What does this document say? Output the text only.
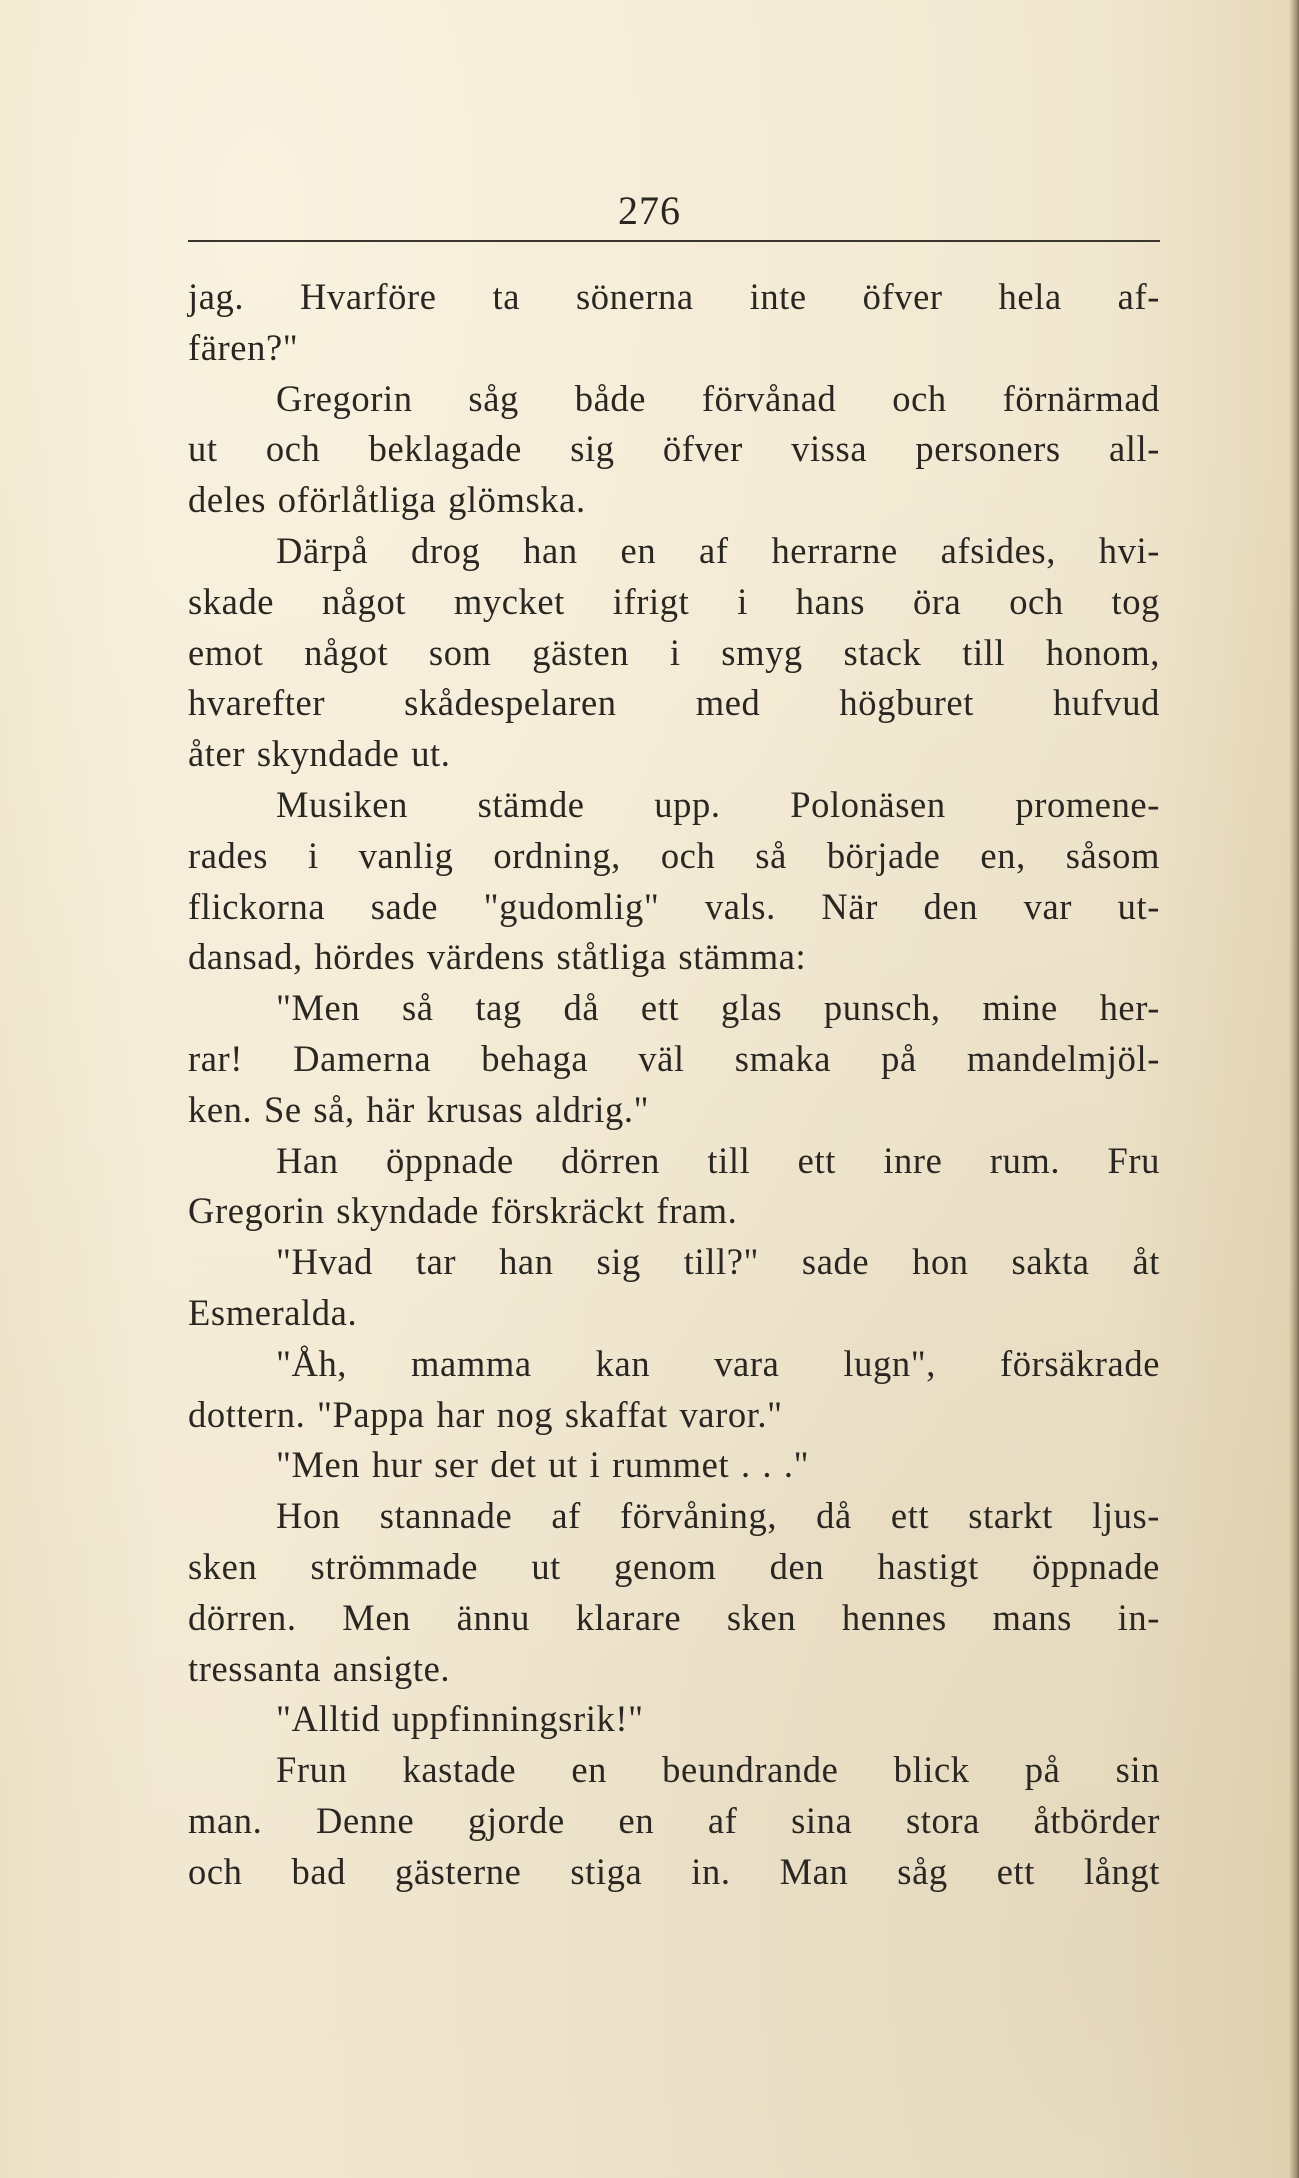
276
jag. Hvarföre ta sönerna inte öfver hela af-
fären?"
Gregorin såg både förvånad och förnärmad
ut och beklagade sig öfver vissa personers all-
deles oförlåtliga glömska.
Därpå drog han en af herrarne afsides, hvi-
skade något mycket ifrigt i hans öra och tog
emot något som gästen i smyg stack till honom,
hvarefter skådespelaren med högburet hufvud
åter skyndade ut.
Musiken stämde upp. Polonäsen promene-
rades i vanlig ordning, och så började en, såsom
flickorna sade "gudomlig" vals. När den var ut-
dansad, hördes värdens ståtliga stämma:
"Men så tag då ett glas punsch, mine her-
rar! Damerna behaga väl smaka på mandelmjöl-
ken. Se så, här krusas aldrig."
Han öppnade dörren till ett inre rum. Fru
Gregorin skyndade förskräckt fram.
"Hvad tar han sig till?" sade hon sakta åt
Esmeralda.
"Åh, mamma kan vara lugn", försäkrade
dottern. "Pappa har nog skaffat varor."
"Men hur ser det ut i rummet . . ."
Hon stannade af förvåning, då ett starkt ljus-
sken strömmade ut genom den hastigt öppnade
dörren. Men ännu klarare sken hennes mans in-
tressanta ansigte.
"Alltid uppfinningsrik!"
Frun kastade en beundrande blick på sin
man. Denne gjorde en af sina stora åtbörder
och bad gästerne stiga in. Man såg ett långt
